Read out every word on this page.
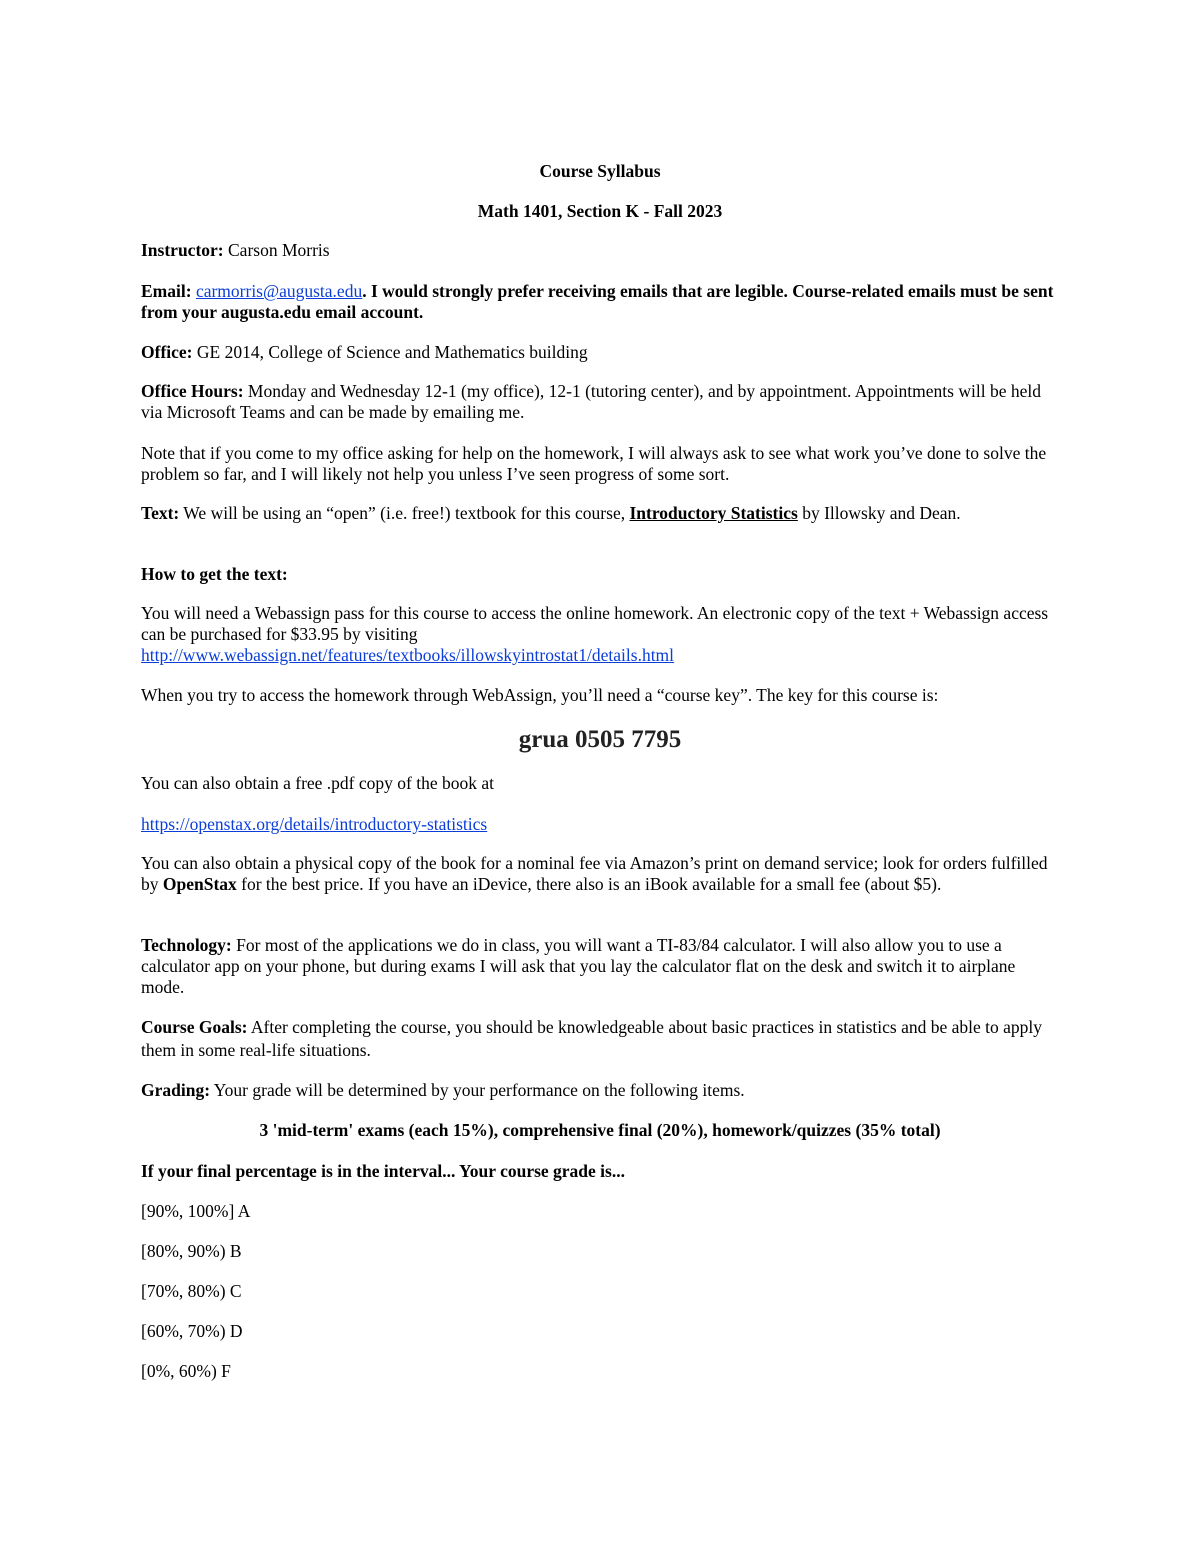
Course Syllabus

Math 1401, Section K - Fall 2023

Instructor: Carson Morris

Email: carmorris@augusta.edu. I would strongly prefer receiving emails that are legible. Course-related emails must be sent from your augusta.edu email account.

Office: GE 2014, College of Science and Mathematics building

Office Hours: Monday and Wednesday 12-1 (my office), 12-1 (tutoring center), and by appointment. Appointments will be held via Microsoft Teams and can be made by emailing me.

Note that if you come to my office asking for help on the homework, I will always ask to see what work you’ve done to solve the problem so far, and I will likely not help you unless I’ve seen progress of some sort.

Text: We will be using an “open” (i.e. free!) textbook for this course, Introductory Statistics by Illowsky and Dean.

How to get the text:

You will need a Webassign pass for this course to access the online homework. An electronic copy of the text + Webassign access can be purchased for $33.95 by visiting
http://www.webassign.net/features/textbooks/illowskyintrostat1/details.html

When you try to access the homework through WebAssign, you’ll need a “course key”. The key for this course is:

grua 0505 7795

You can also obtain a free .pdf copy of the book at

https://openstax.org/details/introductory-statistics

You can also obtain a physical copy of the book for a nominal fee via Amazon’s print on demand service; look for orders fulfilled by OpenStax for the best price. If you have an iDevice, there also is an iBook available for a small fee (about $5).

Technology: For most of the applications we do in class, you will want a TI-83/84 calculator. I will also allow you to use a calculator app on your phone, but during exams I will ask that you lay the calculator flat on the desk and switch it to airplane mode.

Course Goals: After completing the course, you should be knowledgeable about basic practices in statistics and be able to apply them in some real-life situations.

Grading: Your grade will be determined by your performance on the following items.

3 'mid-term' exams (each 15%), comprehensive final (20%), homework/quizzes (35% total)

If your final percentage is in the interval... Your course grade is...

[90%, 100%] A

[80%, 90%) B

[70%, 80%) C

[60%, 70%) D

[0%, 60%) F
